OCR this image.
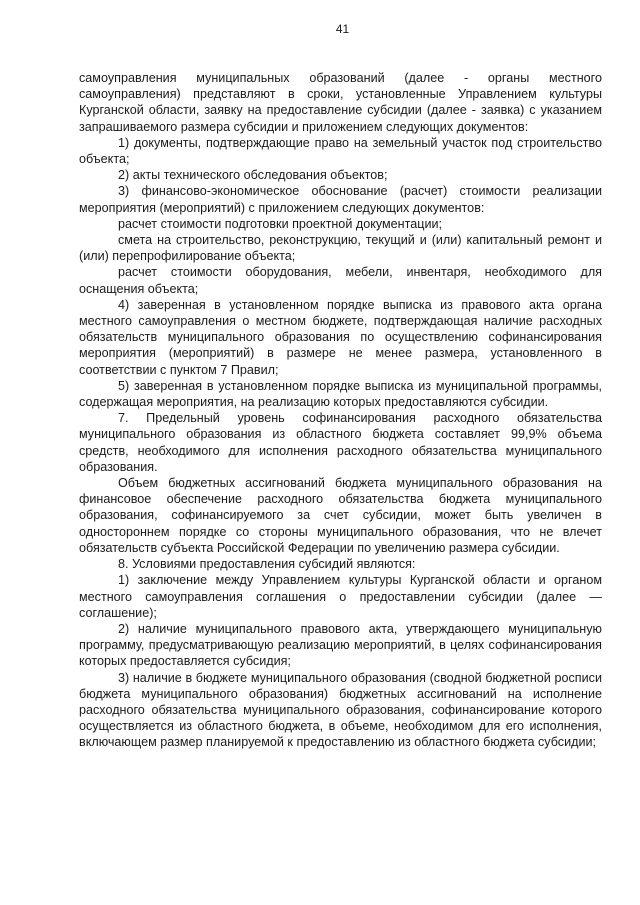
41

самоуправления муниципальных образований (далее - органы местного самоуправления) представляют в сроки, установленные Управлением культуры Курганской области, заявку на предоставление субсидии (далее - заявка) с указанием запрашиваемого размера субсидии и приложением следующих документов:

1) документы, подтверждающие право на земельный участок под строительство объекта;

2) акты технического обследования объектов;

3) финансово-экономическое обоснование (расчет) стоимости реализации мероприятия (мероприятий) с приложением следующих документов:

расчет стоимости подготовки проектной документации;

смета на строительство, реконструкцию, текущий и (или) капитальный ремонт и (или) перепрофилирование объекта;

расчет стоимости оборудования, мебели, инвентаря, необходимого для оснащения объекта;

4) заверенная в установленном порядке выписка из правового акта органа местного самоуправления о местном бюджете, подтверждающая наличие расходных обязательств муниципального образования по осуществлению софинансирования мероприятия (мероприятий) в размере не менее размера, установленного в соответствии с пунктом 7 Правил;

5) заверенная в установленном порядке выписка из муниципальной программы, содержащая мероприятия, на реализацию которых предоставляются субсидии.

7. Предельный уровень софинансирования расходного обязательства муниципального образования из областного бюджета составляет 99,9% объема средств, необходимого для исполнения расходного обязательства муниципального образования.

Объем бюджетных ассигнований бюджета муниципального образования на финансовое обеспечение расходного обязательства бюджета муниципального образования, софинансируемого за счет субсидии, может быть увеличен в одностороннем порядке со стороны муниципального образования, что не влечет обязательств субъекта Российской Федерации по увеличению размера субсидии.

8. Условиями предоставления субсидий являются:

1) заключение между Управлением культуры Курганской области и органом местного самоуправления соглашения о предоставлении субсидии (далее — соглашение);

2) наличие муниципального правового акта, утверждающего муниципальную программу, предусматривающую реализацию мероприятий, в целях софинансирования которых предоставляется субсидия;

3) наличие в бюджете муниципального образования (сводной бюджетной росписи бюджета муниципального образования) бюджетных ассигнований на исполнение расходного обязательства муниципального образования, софинансирование которого осуществляется из областного бюджета, в объеме, необходимом для его исполнения, включающем размер планируемой к предоставлению из областного бюджета субсидии;
